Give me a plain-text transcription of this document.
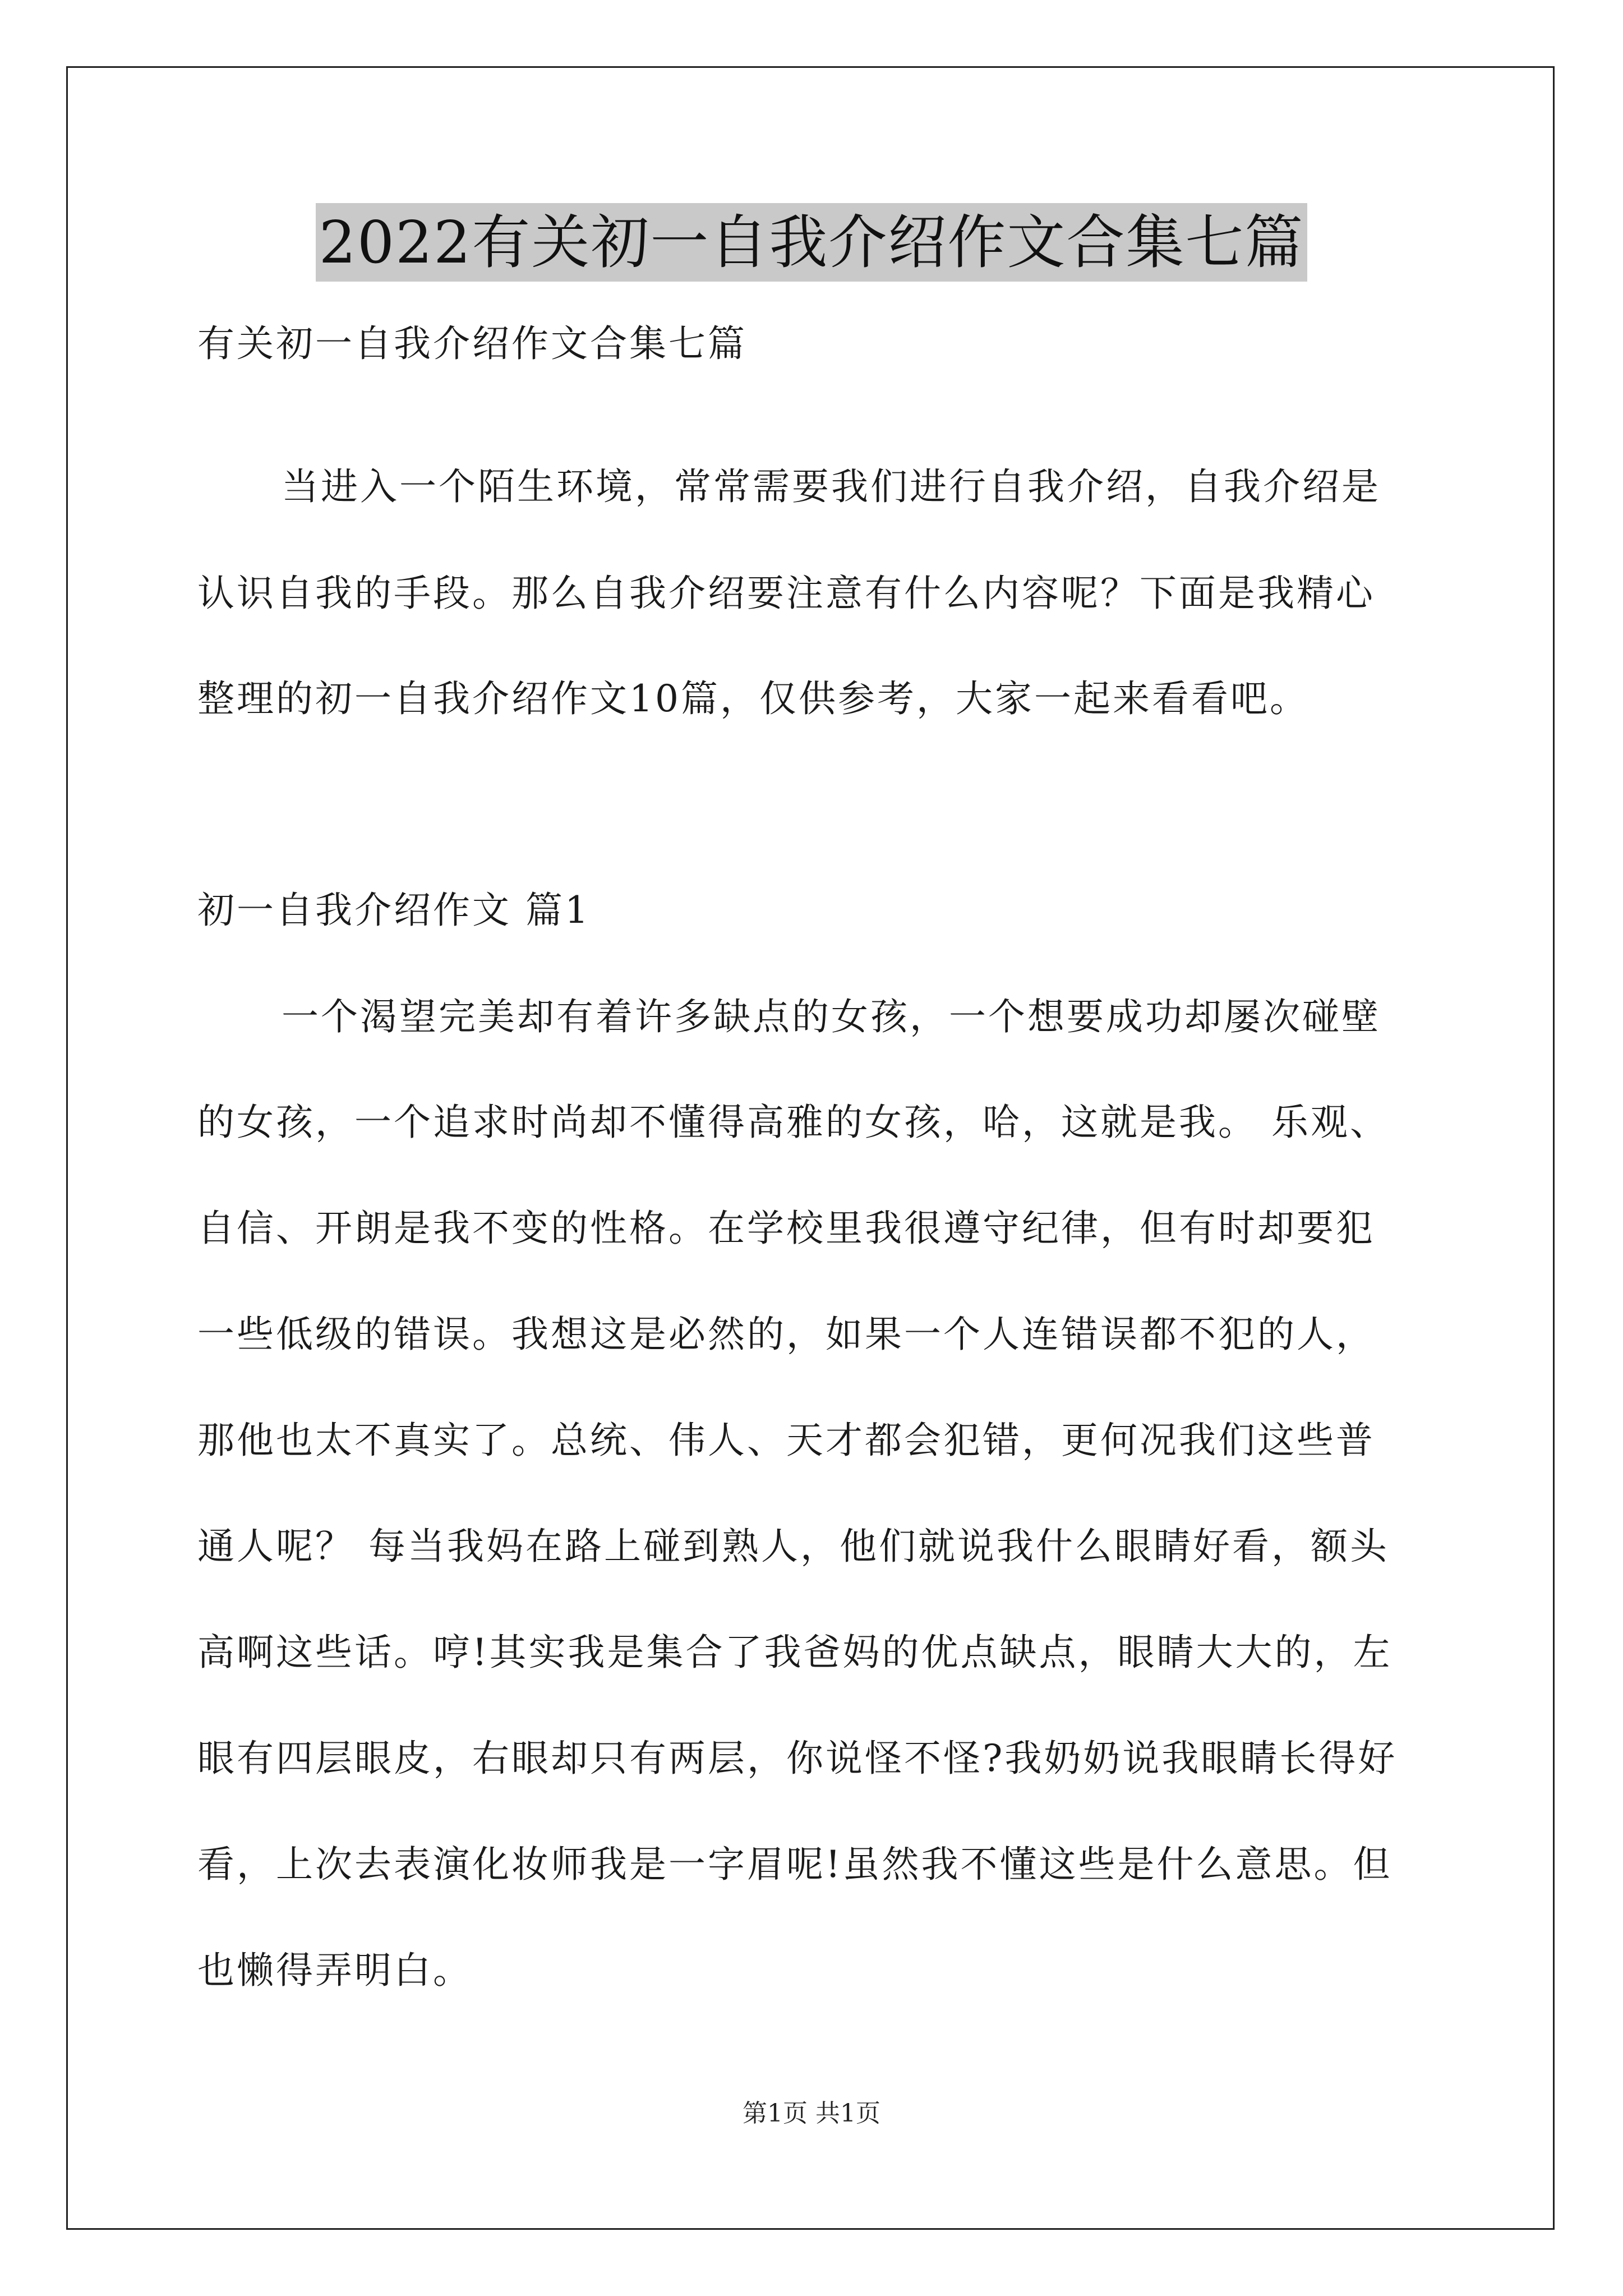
2022有关初一自我介绍作文合集七篇
有关初一自我介绍作文合集七篇
当进入一个陌生环境，常常需要我们进行自我介绍，自我介绍是
认识自我的手段。那么自我介绍要注意有什么内容呢？下面是我精心
整理的初一自我介绍作文10篇，仅供参考，大家一起来看看吧。
初一自我介绍作文 篇1
一个渴望完美却有着许多缺点的女孩，一个想要成功却屡次碰壁
的女孩，一个追求时尚却不懂得高雅的女孩，哈，这就是我。 乐观、
自信、开朗是我不变的性格。在学校里我很遵守纪律，但有时却要犯
一些低级的错误。我想这是必然的，如果一个人连错误都不犯的人，
那他也太不真实了。总统、伟人、天才都会犯错，更何况我们这些普
通人呢？ 每当我妈在路上碰到熟人，他们就说我什么眼睛好看，额头
高啊这些话。哼!其实我是集合了我爸妈的优点缺点，眼睛大大的，左
眼有四层眼皮，右眼却只有两层，你说怪不怪?我奶奶说我眼睛长得好
看，上次去表演化妆师我是一字眉呢!虽然我不懂这些是什么意思。但
也懒得弄明白。
第1页 共1页
